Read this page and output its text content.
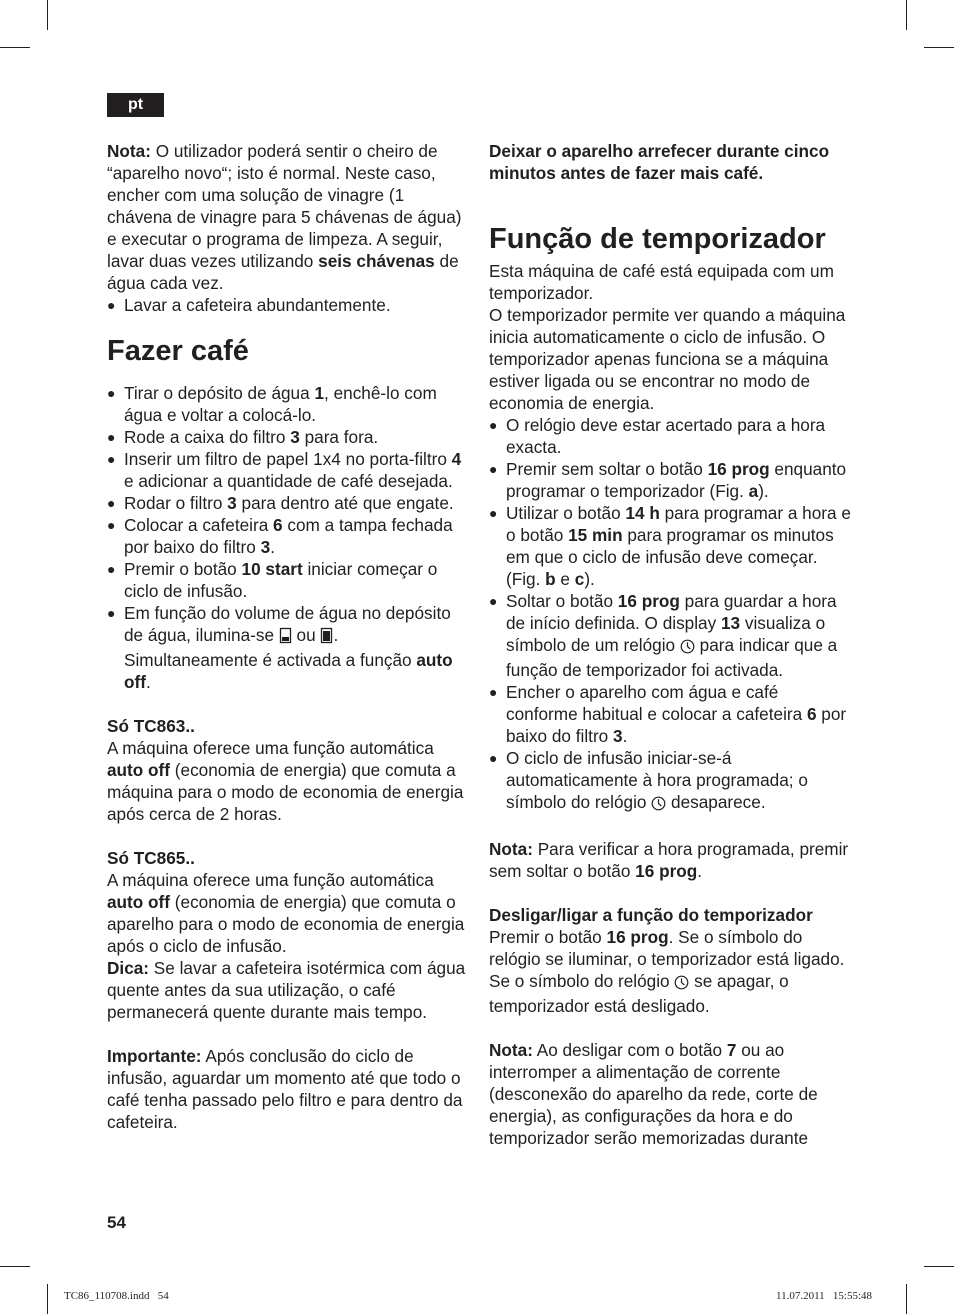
pt

Nota: O utilizador poderá sentir o cheiro de “aparelho novo“; isto é normal. Neste caso, encher com uma solução de vinagre (1 chávena de vinagre para 5 chávenas de água) e executar o programa de limpeza. A seguir, lavar duas vezes utilizando seis chávenas de água cada vez.

● Lavar a cafeteira abundantemente.

Fazer café
● Tirar o depósito de água 1, enchê-lo com água e voltar a colocá-lo.
● Rode a caixa do filtro 3 para fora.
● Inserir um filtro de papel 1x4 no porta-filtro 4 e adicionar a quantidade de café desejada.
● Rodar o filtro 3 para dentro até que engate.
● Colocar a cafeteira 6 com a tampa fechada por baixo do filtro 3.
● Premir o botão 10 start iniciar começar o ciclo de infusão.
● Em função do volume de água no depósito de água, ilumina-se  ou . Simultaneamente é activada a função auto off.

Só TC863..

A máquina oferece uma função automática auto off (economia de energia) que comuta a máquina para o modo de economia de energia após cerca de 2 horas.

Só TC865..

A máquina oferece uma função automática auto off (economia de energia) que comuta o aparelho para o modo de economia de energia após o ciclo de infusão.

Dica: Se lavar a cafeteira isotérmica com água quente antes da sua utilização, o café permanecerá quente durante mais tempo.

Importante: Após conclusão do ciclo de infusão, aguardar um momento até que todo o café tenha passado pelo filtro e para dentro da cafeteira.

Deixar o aparelho arrefecer durante cinco minutos antes de fazer mais café.

Função de temporizador

Esta máquina de café está equipada com um temporizador.

O temporizador permite ver quando a máquina inicia automaticamente o ciclo de infusão. O temporizador apenas funciona se a máquina estiver ligada ou se encontrar no modo de economia de energia.

● O relógio deve estar acertado para a hora exacta.
● Premir sem soltar o botão 16 prog enquanto programar o temporizador (Fig. a).
● Utilizar o botão 14 h para programar a hora e o botão 15 min para programar os minutos em que o ciclo de infusão deve começar. (Fig. b e c).
● Soltar o botão 16 prog para guardar a hora de início definida. O display 13 visualiza o símbolo de um relógio  para indicar que a função de temporizador foi activada.
● Encher o aparelho com água e café conforme habitual e colocar a cafeteira 6 por baixo do filtro 3.
● O ciclo de infusão iniciar-se-á automaticamente à hora programada; o símbolo do relógio  desaparece.

Nota: Para verificar a hora programada, premir sem soltar o botão 16 prog.

Desligar/ligar a função do temporizador

Premir o botão 16 prog. Se o símbolo do relógio se iluminar, o temporizador está ligado. Se o símbolo do relógio  se apagar, o temporizador está desligado.

Nota: Ao desligar com o botão 7 ou ao interromper a alimentação de corrente (desconexão do aparelho da rede, corte de energia), as configurações da hora e do temporizador serão memorizadas durante

54
TC86_110708.indd   54	11.07.2011   15:55:48
